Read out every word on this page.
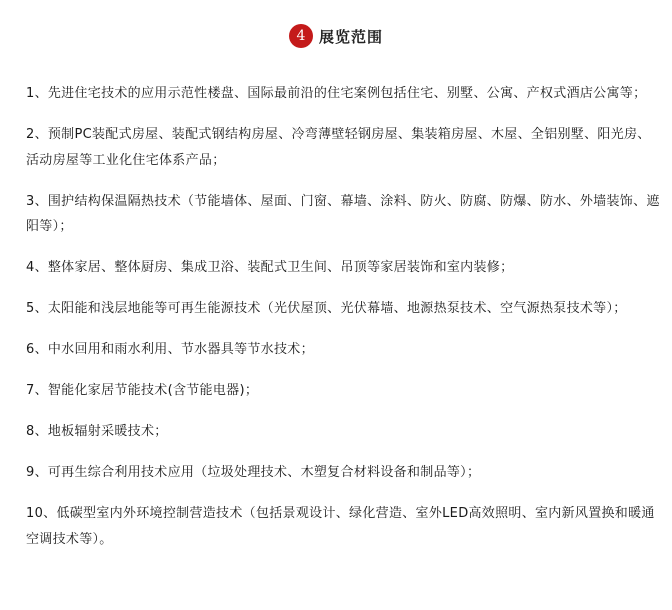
4 展览范围
1、先进住宅技术的应用示范性楼盘、国际最前沿的住宅案例包括住宅、别墅、公寓、产权式酒店公寓等；
2、预制PC装配式房屋、装配式钢结构房屋、冷弯薄壁轻钢房屋、集装箱房屋、木屋、全铝别墅、阳光房、活动房屋等工业化住宅体系产品；
3、围护结构保温隔热技术（节能墙体、屋面、门窗、幕墙、涂料、防火、防腐、防爆、防水、外墙装饰、遮阳等）；
4、整体家居、整体厨房、集成卫浴、装配式卫生间、吊顶等家居装饰和室内装修；
5、太阳能和浅层地能等可再生能源技术（光伏屋顶、光伏幕墙、地源热泵技术、空气源热泵技术等）；
6、中水回用和雨水利用、节水器具等节水技术；
7、智能化家居节能技术(含节能电器)；
8、地板辐射采暖技术；
9、可再生综合利用技术应用（垃圾处理技术、木塑复合材料设备和制品等）；
10、低碳型室内外环境控制营造技术（包括景观设计、绿化营造、室外LED高效照明、室内新风置换和暖通空调技术等）。
